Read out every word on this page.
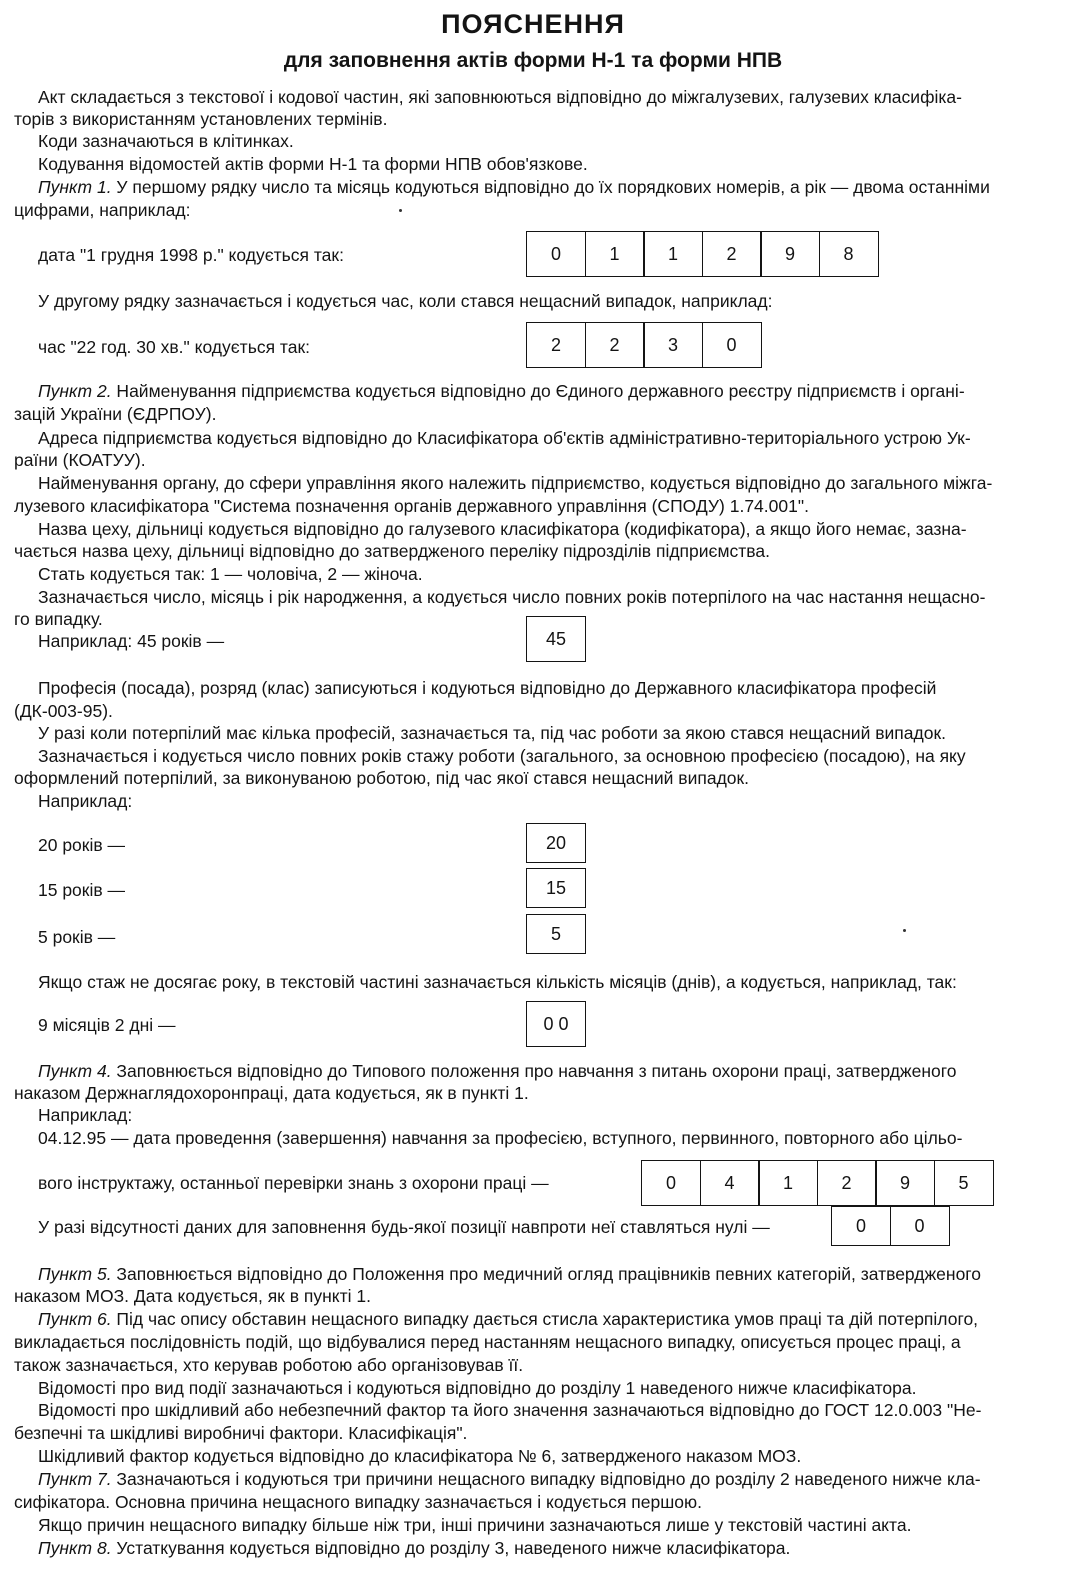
ПОЯСНЕННЯ
для заповнення актів форми Н-1 та форми НПВ
Акт складається з текстової і кодової частин, які заповнюються відповідно до міжгалузевих, галузевих класифіка-
торів з використанням установлених термінів.
Коди зазначаються в клітинках.
Кодування відомостей актів форми Н-1 та форми НПВ обов'язкове.
Пункт 1. У першому рядку число та місяць кодуються відповідно до їх порядкових номерів, а рік — двома останніми
цифрами, наприклад:
дата "1 грудня 1998 р." кодується так:	0	1	1	2	9	8
У другому рядку зазначається і кодується час, коли стався нещасний випадок, наприклад:
час "22 год. 30 хв." кодується так:	2	2	3	0
Пункт 2. Найменування підприємства кодується відповідно до Єдиного державного реєстру підприємств і органі-
зацій України (ЄДРПОУ).
Адреса підприємства кодується відповідно до Класифікатора об'єктів адміністративно-територіального устрою Ук-
раїни (КОАТУУ).
Найменування органу, до сфери управління якого належить підприємство, кодується відповідно до загального міжга-
лузевого класифікатора "Система позначення органів державного управління (СПОДУ) 1.74.001".
Назва цеху, дільниці кодується відповідно до галузевого класифікатора (кодифікатора), а якщо його немає, зазна-
чається назва цеху, дільниці відповідно до затвердженого переліку підрозділів підприємства.
Стать кодується так: 1 — чоловіча, 2 — жіноча.
Зазначається число, місяць і рік народження, а кодується число повних років потерпілого на час настання нещасно-
го випадку.
Наприклад: 45 років —	45
Професія (посада), розряд (клас) записуються і кодуються відповідно до Державного класифікатора професій
(ДК-003-95).
У разі коли потерпілий має кілька професій, зазначається та, під час роботи за якою стався нещасний випадок.
Зазначається і кодується число повних років стажу роботи (загального, за основною професією (посадою), на яку
оформлений потерпілий, за виконуваною роботою, під час якої стався нещасний випадок.
Наприклад:
20 років —	20
15 років —	15
5 років —	5
Якщо стаж не досягає року, в текстовій частині зазначається кількість місяців (днів), а кодується, наприклад, так:
9 місяців 2 дні —	0 0
Пункт 4. Заповнюється відповідно до Типового положення про навчання з питань охорони праці, затвердженого
наказом Держнаглядохоронпраці, дата кодується, як в пункті 1.
Наприклад:
04.12.95 — дата проведення (завершення) навчання за професією, вступного, первинного, повторного або цільо-
вого інструктажу, останньої перевірки знань з охорони праці —	0	4	1	2	9	5
У разі відсутності даних для заповнення будь-якої позиції навпроти неї ставляться нулі —	0	0
Пункт 5. Заповнюється відповідно до Положення про медичний огляд працівників певних категорій, затвердженого
наказом МОЗ. Дата кодується, як в пункті 1.
Пункт 6. Під час опису обставин нещасного випадку дається стисла характеристика умов праці та дій потерпілого,
викладається послідовність подій, що відбувалися перед настанням нещасного випадку, описується процес праці, а
також зазначається, хто керував роботою або організовував її.
Відомості про вид події зазначаються і кодуються відповідно до розділу 1 наведеного нижче класифікатора.
Відомості про шкідливий або небезпечний фактор та його значення зазначаються відповідно до ГОСТ 12.0.003 "Не-
безпечні та шкідливі виробничі фактори. Класифікація".
Шкідливий фактор кодується відповідно до класифікатора № 6, затвердженого наказом МОЗ.
Пункт 7. Зазначаються і кодуються три причини нещасного випадку відповідно до розділу 2 наведеного нижче кла-
сифікатора. Основна причина нещасного випадку зазначається і кодується першою.
Якщо причин нещасного випадку більше ніж три, інші причини зазначаються лише у текстовій частині акта.
Пункт 8. Устаткування кодується відповідно до розділу 3, наведеного нижче класифікатора.
